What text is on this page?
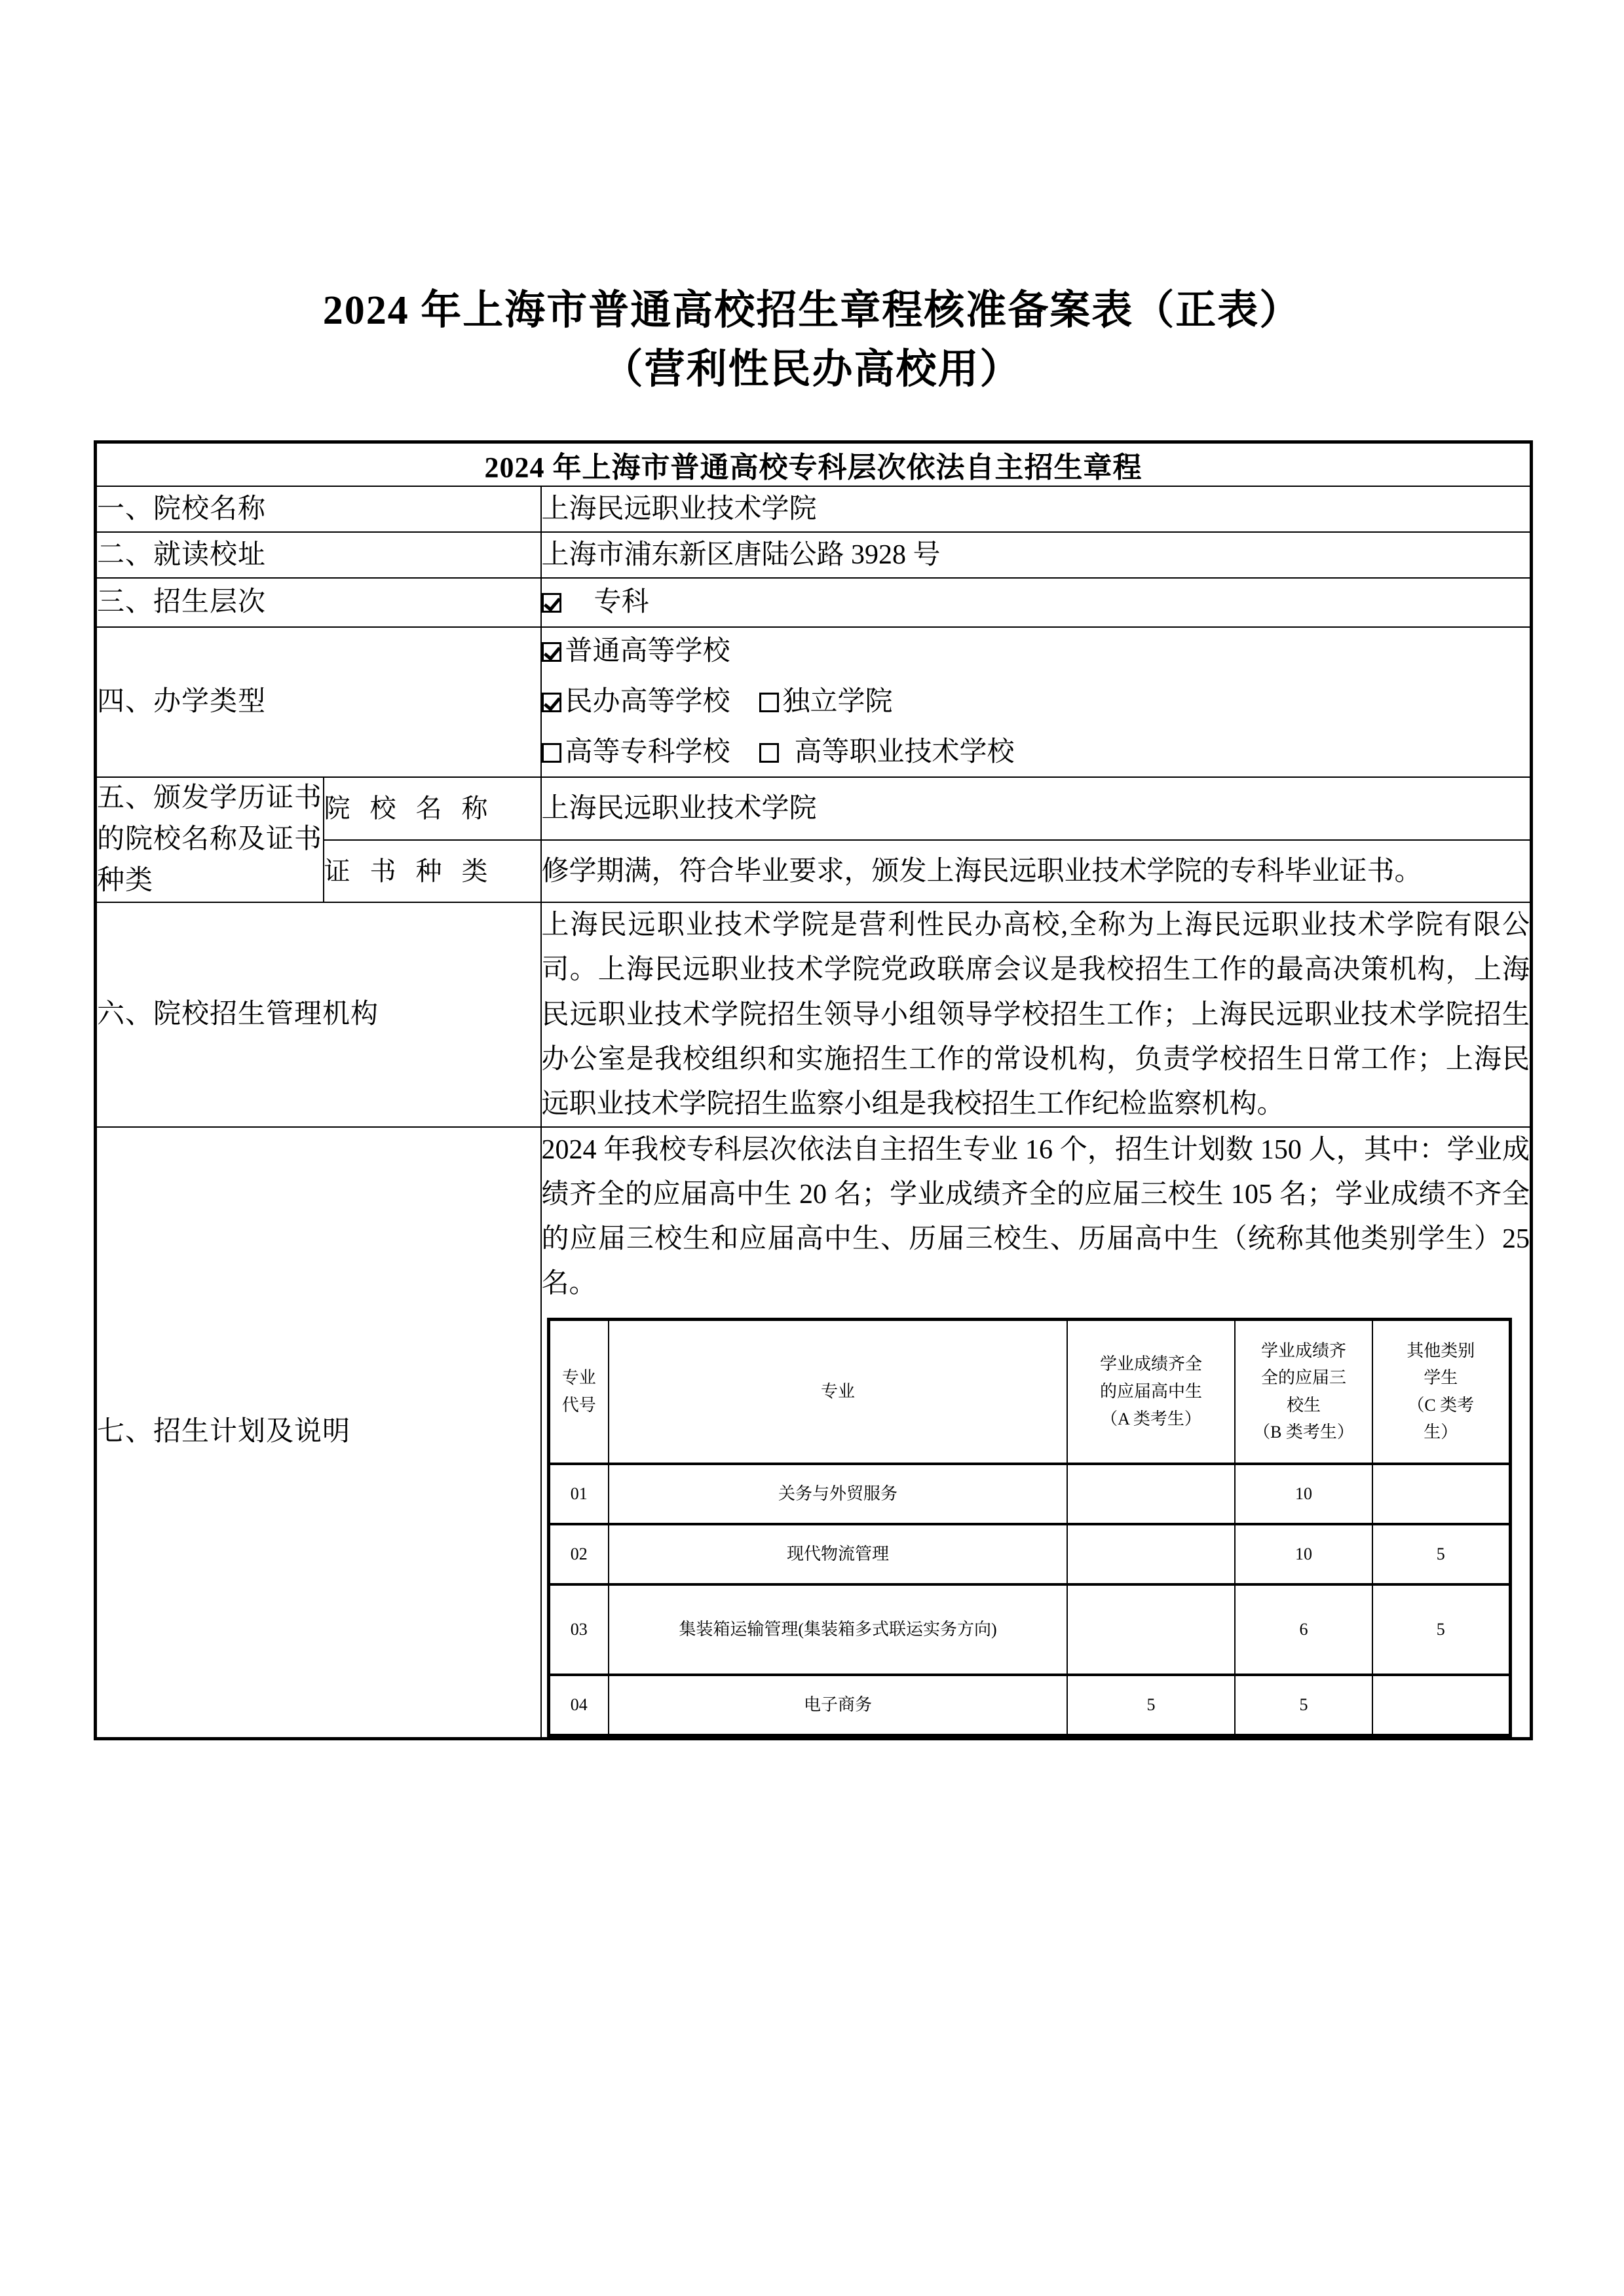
2024 年上海市普通高校招生章程核准备案表（正表）
（营利性民办高校用）
2024 年上海市普通高校专科层次依法自主招生章程
一、院校名称	上海民远职业技术学院
二、就读校址	上海市浦东新区唐陆公路 3928 号
三、招生层次	专科

四、办学类型	
普通高等学校
民办高等学校 独立学院
高等专科学校 高等职业技术学校

五、颁发学历证书的院校名称及证书种类	院 校 名 称	上海民远职业技术学院
证 书 种 类	修学期满，符合毕业要求，颁发上海民远职业技术学院的专科毕业证书。
六、院校招生管理机构	上海民远职业技术学院是营利性民办高校,全称为上海民远职业技术学院有限公司。上海民远职业技术学院党政联席会议是我校招生工作的最高决策机构，上海民远职业技术学院招生领导小组领导学校招生工作；上海民远职业技术学院招生办公室是我校组织和实施招生工作的常设机构，负责学校招生日常工作；上海民远职业技术学院招生监察小组是我校招生工作纪检监察机构。
七、招生计划及说明	

2024 年我校专科层次依法自主招生专业 16 个，招生计划数 150 人，其中：学业成绩齐全的应届高中生 20 名；学业成绩齐全的应届三校生 105 名；学业成绩不齐全的应届三校生和应届高中生、历届三校生、历届高中生（统称其他类别学生）25 名。

专业
代号	专业	学业成绩齐全
的应届高中生
（A 类考生）	学业成绩齐
全的应届三
校生
（B 类考生）	其他类别
学生
（C 类考
生）
01	关务与外贸服务		10	
02	现代物流管理		10	5
03	集装箱运输管理(集装箱多式联运实务方向)		6	5
04	电子商务	5	5	
